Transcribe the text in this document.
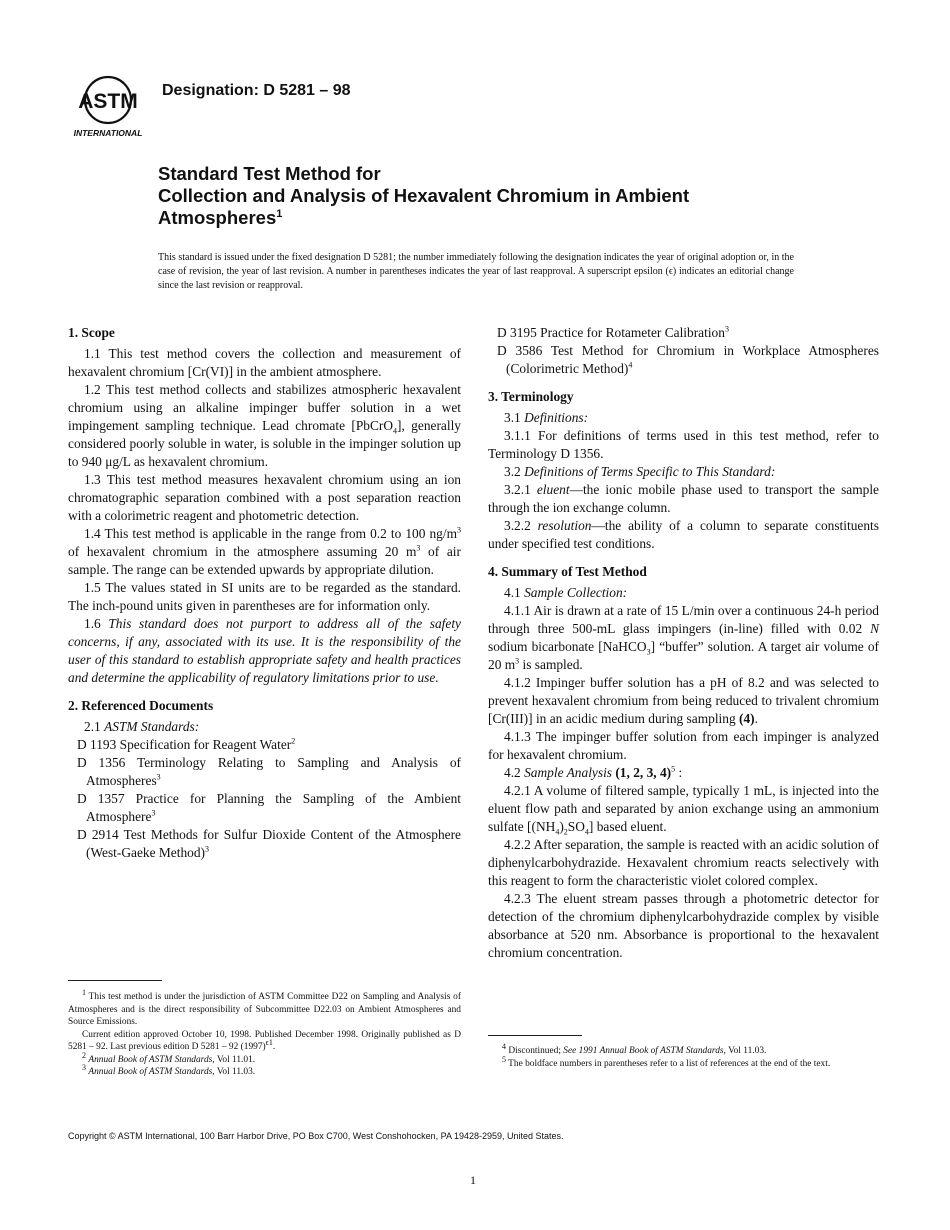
ASTM
INTERNATIONAL
Designation: D 5281 – 98
Standard Test Method for
Collection and Analysis of Hexavalent Chromium in Ambient
Atmospheres$^1$
This standard is issued under the fixed designation D 5281; the number immediately following the designation indicates the year of original adoption or, in the case of revision, the year of last revision. A number in parentheses indicates the year of last reapproval. A superscript epsilon (ϵ) indicates an editorial change since the last revision or reapproval.

1. Scope

1.1 This test method covers the collection and measurement of hexavalent chromium [Cr(VI)] in the ambient atmosphere.

1.2 This test method collects and stabilizes atmospheric hexavalent chromium using an alkaline impinger buffer solution in a wet impingement sampling technique. Lead chromate [PbCrO$_4$], generally considered poorly soluble in water, is soluble in the impinger solution up to 940 μg/L as hexavalent chromium.

1.3 This test method measures hexavalent chromium using an ion chromatographic separation combined with a post separation reaction with a colorimetric reagent and photometric detection.

1.4 This test method is applicable in the range from 0.2 to 100 $ng/m^3$ of hexavalent chromium in the atmosphere assuming 20 $m^3$ of air sample. The range can be extended upwards by appropriate dilution.

1.5 The values stated in SI units are to be regarded as the standard. The inch-pound units given in parentheses are for information only.

1.6 This standard does not purport to address all of the safety concerns, if any, associated with its use. It is the responsibility of the user of this standard to establish appropriate safety and health practices and determine the applicability of regulatory limitations prior to use.

2. Referenced Documents

2.1 ASTM Standards:

D 1193 Specification for Reagent Water$^2$

D 1356 Terminology Relating to Sampling and Analysis of Atmospheres$^3$

D 1357 Practice for Planning the Sampling of the Ambient Atmosphere$^3$

D 2914 Test Methods for Sulfur Dioxide Content of the Atmosphere (West-Gaeke Method)$^3$

$^1$ This test method is under the jurisdiction of ASTM Committee D22 on Sampling and Analysis of Atmospheres and is the direct responsibility of Subcommittee D22.03 on Ambient Atmospheres and Source Emissions.

Current edition approved October 10, 1998. Published December 1998. Originally published as D 5281 – 92. Last previous edition D 5281 – 92 $(1997)^{\epsilon 1}$.

$^2$ Annual Book of ASTM Standards, Vol 11.01.

$^3$ Annual Book of ASTM Standards, Vol 11.03.

D 3195 Practice for Rotameter Calibration$^3$

D 3586 Test Method for Chromium in Workplace Atmospheres (Colorimetric Method)$^4$

3. Terminology

3.1 Definitions:

3.1.1 For definitions of terms used in this test method, refer to Terminology D 1356.

3.2 Definitions of Terms Specific to This Standard:

3.2.1 eluent—the ionic mobile phase used to transport the sample through the ion exchange column.

3.2.2 resolution—the ability of a column to separate constituents under specified test conditions.

4. Summary of Test Method

4.1 Sample Collection:

4.1.1 Air is drawn at a rate of 15 L/min over a continuous 24-h period through three 500-mL glass impingers (in-line) filled with 0.02 N sodium bicarbonate [NaHCO$_3$] “buffer” solution. A target air volume of 20 $m^3$ is sampled.

4.1.2 Impinger buffer solution has a pH of 8.2 and was selected to prevent hexavalent chromium from being reduced to trivalent chromium [Cr(III)] in an acidic medium during sampling (4).

4.1.3 The impinger buffer solution from each impinger is analyzed for hexavalent chromium.

4.2 Sample Analysis (1, 2, 3, 4)$^5$ :

4.2.1 A volume of filtered sample, typically 1 mL, is injected into the eluent flow path and separated by anion exchange using an ammonium sulfate $[(NH_4)_2SO_4]$ based eluent.

4.2.2 After separation, the sample is reacted with an acidic solution of diphenylcarbohydrazide. Hexavalent chromium reacts selectively with this reagent to form the characteristic violet colored complex.

4.2.3 The eluent stream passes through a photometric detector for detection of the chromium diphenylcarbohydrazide complex by visible absorbance at 520 nm. Absorbance is proportional to the hexavalent chromium concentration.

$^4$ Discontinued; See 1991 Annual Book of ASTM Standards, Vol 11.03.

$^5$ The boldface numbers in parentheses refer to a list of references at the end of the text.

Copyright © ASTM International, 100 Barr Harbor Drive, PO Box C700, West Conshohocken, PA 19428-2959, United States.
1
